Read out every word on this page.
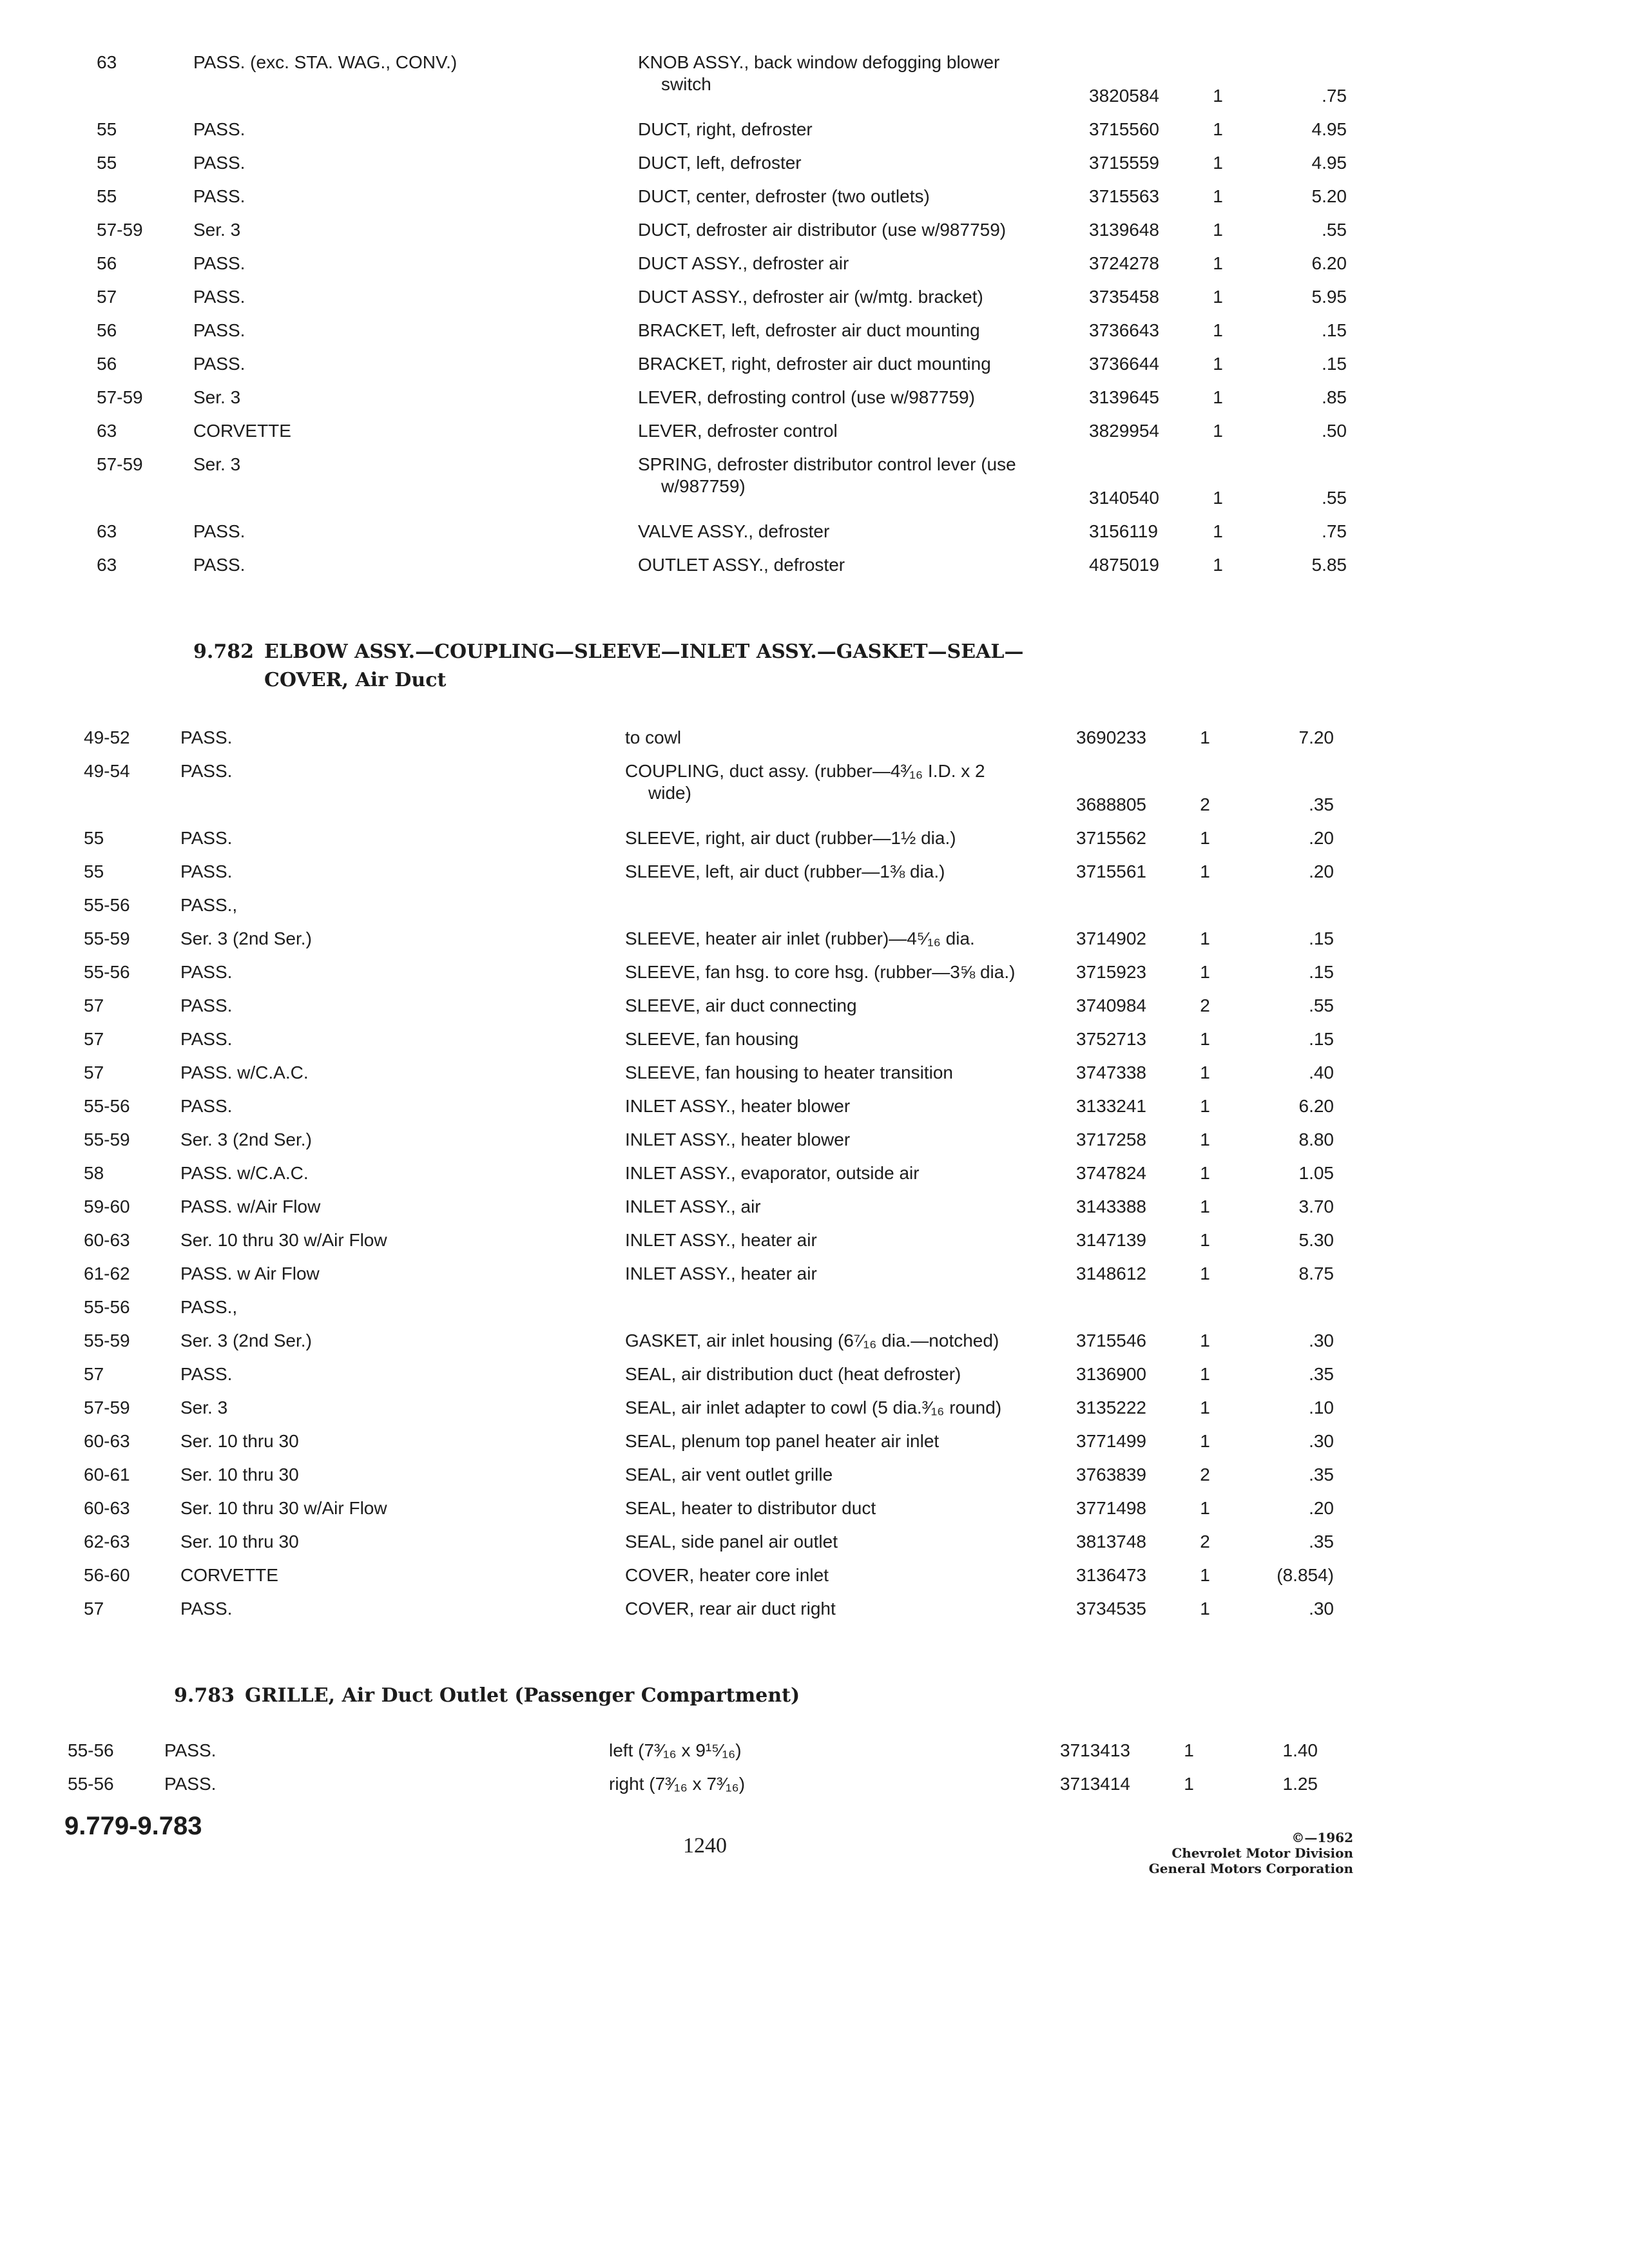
63	PASS. (exc. STA. WAG., CONV.)	KNOB ASSY., back window defogging blower
switch
3820584	1	.75
55	PASS.	DUCT, right, defroster	3715560	1	4.95
55	PASS.	DUCT, left, defroster	3715559	1	4.95
55	PASS.	DUCT, center, defroster (two outlets)	3715563	1	5.20
57-59	Ser. 3	DUCT, defroster air distributor (use w/987759)	3139648	1	.55
56	PASS.	DUCT ASSY., defroster air	3724278	1	6.20
57	PASS.	DUCT ASSY., defroster air (w/mtg. bracket)	3735458	1	5.95
56	PASS.	BRACKET, left, defroster air duct mounting	3736643	1	.15
56	PASS.	BRACKET, right, defroster air duct mounting	3736644	1	.15
57-59	Ser. 3	LEVER, defrosting control (use w/987759)	3139645	1	.85
63	CORVETTE	LEVER, defroster control	3829954	1	.50
57-59	Ser. 3	SPRING, defroster distributor control lever (use
w/987759)
3140540	1	.55
63	PASS.	VALVE ASSY., defroster	3156119	1	.75
63	PASS.	OUTLET ASSY., defroster	4875019	1	5.85
9.782 ELBOW ASSY.—COUPLING—SLEEVE—INLET ASSY.—GASKET—SEAL—
COVER, Air Duct
49-52	PASS.	to cowl	3690233	1	7.20
49-54	PASS.	COUPLING, duct assy. (rubber—4³⁄₁₆ I.D. x 2
wide)
3688805	2	.35
55	PASS.	SLEEVE, right, air duct (rubber—1½ dia.)	3715562	1	.20
55	PASS.	SLEEVE, left, air duct (rubber—1⅜ dia.)	3715561	1	.20
55-56	PASS.,
55-59	Ser. 3 (2nd Ser.)	SLEEVE, heater air inlet (rubber)—4⁵⁄₁₆ dia.	3714902	1	.15
55-56	PASS.	SLEEVE, fan hsg. to core hsg. (rubber—3⅝ dia.)	3715923	1	.15
57	PASS.	SLEEVE, air duct connecting	3740984	2	.55
57	PASS.	SLEEVE, fan housing	3752713	1	.15
57	PASS. w/C.A.C.	SLEEVE, fan housing to heater transition	3747338	1	.40
55-56	PASS.	INLET ASSY., heater blower	3133241	1	6.20
55-59	Ser. 3 (2nd Ser.)	INLET ASSY., heater blower	3717258	1	8.80
58	PASS. w/C.A.C.	INLET ASSY., evaporator, outside air	3747824	1	1.05
59-60	PASS. w/Air Flow	INLET ASSY., air	3143388	1	3.70
60-63	Ser. 10 thru 30 w/Air Flow	INLET ASSY., heater air	3147139	1	5.30
61-62	PASS. w Air Flow	INLET ASSY., heater air	3148612	1	8.75
55-56	PASS.,
55-59	Ser. 3 (2nd Ser.)	GASKET, air inlet housing (6⁷⁄₁₆ dia.—notched)	3715546	1	.30
57	PASS.	SEAL, air distribution duct (heat defroster)	3136900	1	.35
57-59	Ser. 3	SEAL, air inlet adapter to cowl (5 dia.³⁄₁₆ round)	3135222	1	.10
60-63	Ser. 10 thru 30	SEAL, plenum top panel heater air inlet	3771499	1	.30
60-61	Ser. 10 thru 30	SEAL, air vent outlet grille	3763839	2	.35
60-63	Ser. 10 thru 30 w/Air Flow	SEAL, heater to distributor duct	3771498	1	.20
62-63	Ser. 10 thru 30	SEAL, side panel air outlet	3813748	2	.35
56-60	CORVETTE	COVER, heater core inlet	3136473	1	(8.854)
57	PASS.	COVER, rear air duct right	3734535	1	.30
9.783 GRILLE, Air Duct Outlet (Passenger Compartment)
55-56	PASS.	left (7³⁄₁₆ x 9¹⁵⁄₁₆)	3713413	1	1.40
55-56	PASS.	right (7³⁄₁₆ x 7³⁄₁₆)	3713414	1	1.25
9.779-9.783
1240	©—1962
Chevrolet Motor Division
General Motors Corporation
